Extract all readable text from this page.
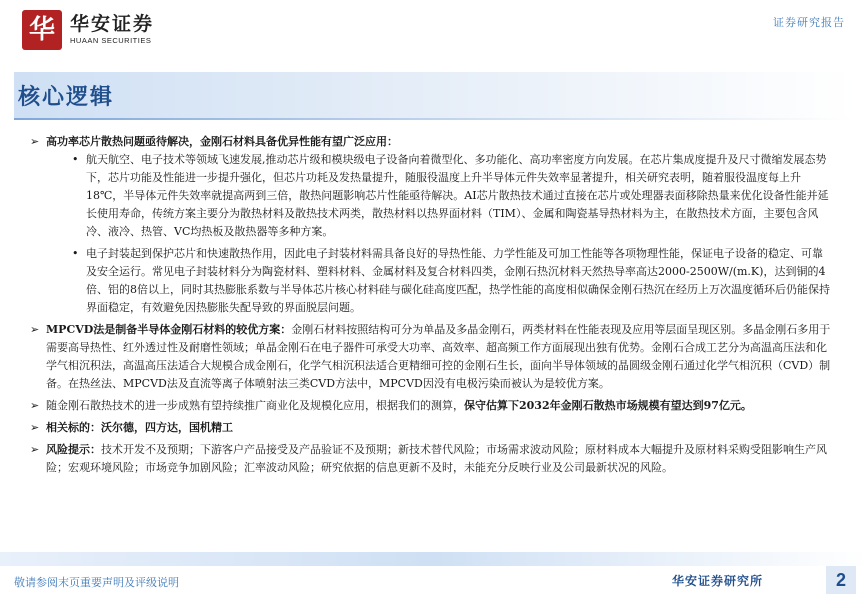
华 华安证券
HUAAN SECURITIES
证券研究报告
核心逻辑
➢ 高功率芯片散热问题亟待解决，金刚石材料具备优异性能有望广泛应用：
• 航天航空、电子技术等领域飞速发展,推动芯片级和模块级电子设备向着微型化、多功能化、高功率密度方向发展。在芯片集成度提升及尺寸微缩发展态势下，芯片功能及性能进一步提升强化，但芯片功耗及发热量提升，随服役温度上升半导体元件失效率显著提升，相关研究表明，随着服役温度每上升18℃，半导体元件失效率就提高两到三倍，散热问题影响芯片性能亟待解决。AI芯片散热技术通过直接在芯片或处理器表面移除热量来优化设备性能并延长使用寿命，传统方案主要分为散热材料及散热技术两类，散热材料以热界面材料（TIM）、金属和陶瓷基导热材料为主，在散热技术方面，主要包含风冷、液冷、热管、VC均热板及散热器等多种方案。
• 电子封装起到保护芯片和快速散热作用，因此电子封装材料需具备良好的导热性能、力学性能及可加工性能等各项物理性能，保证电子设备的稳定、可靠及安全运行。常见电子封装材料分为陶瓷材料、塑料材料、金属材料及复合材料四类，金刚石热沉材料天然热导率高达2000-2500W/(m.K)，达到铜的4倍、铝的8倍以上，同时其热膨胀系数与半导体芯片核心材料硅与碳化硅高度匹配，热学性能的高度相似确保金刚石热沉在经历上万次温度循环后仍能保持界面稳定，有效避免因热膨胀失配导致的界面脱层问题。
➢ MPCVD法是制备半导体金刚石材料的较优方案：金刚石材料按照结构可分为单晶及多晶金刚石，两类材料在性能表现及应用等层面呈现区别。多晶金刚石多用于需要高导热性、红外透过性及耐磨性领域；单晶金刚石在电子器件可承受大功率、高效率、超高频工作方面展现出独有优势。金刚石合成工艺分为高温高压法和化学气相沉积法，高温高压法适合大规模合成金刚石，化学气相沉积法适合更精细可控的金刚石生长，面向半导体领域的晶圆级金刚石通过化学气相沉积（CVD）制备。在热丝法、MPCVD法及直流等离子体喷射法三类CVD方法中，MPCVD因没有电极污染而被认为是较优方案。
➢ 随金刚石散热技术的进一步成熟有望持续推广商业化及规模化应用，根据我们的测算，保守估算下2032年金刚石散热市场规模有望达到97亿元。
➢ 相关标的：沃尔德，四方达，国机精工
➢ 风险提示：技术开发不及预期；下游客户产品接受及产品验证不及预期；新技术替代风险；市场需求波动风险；原材料成本大幅提升及原材料采购受阻影响生产风险；宏观环境风险；市场竞争加剧风险；汇率波动风险；研究依据的信息更新不及时，未能充分反映行业及公司最新状况的风险。
敬请参阅末页重要声明及评级说明	华安证券研究所	2
